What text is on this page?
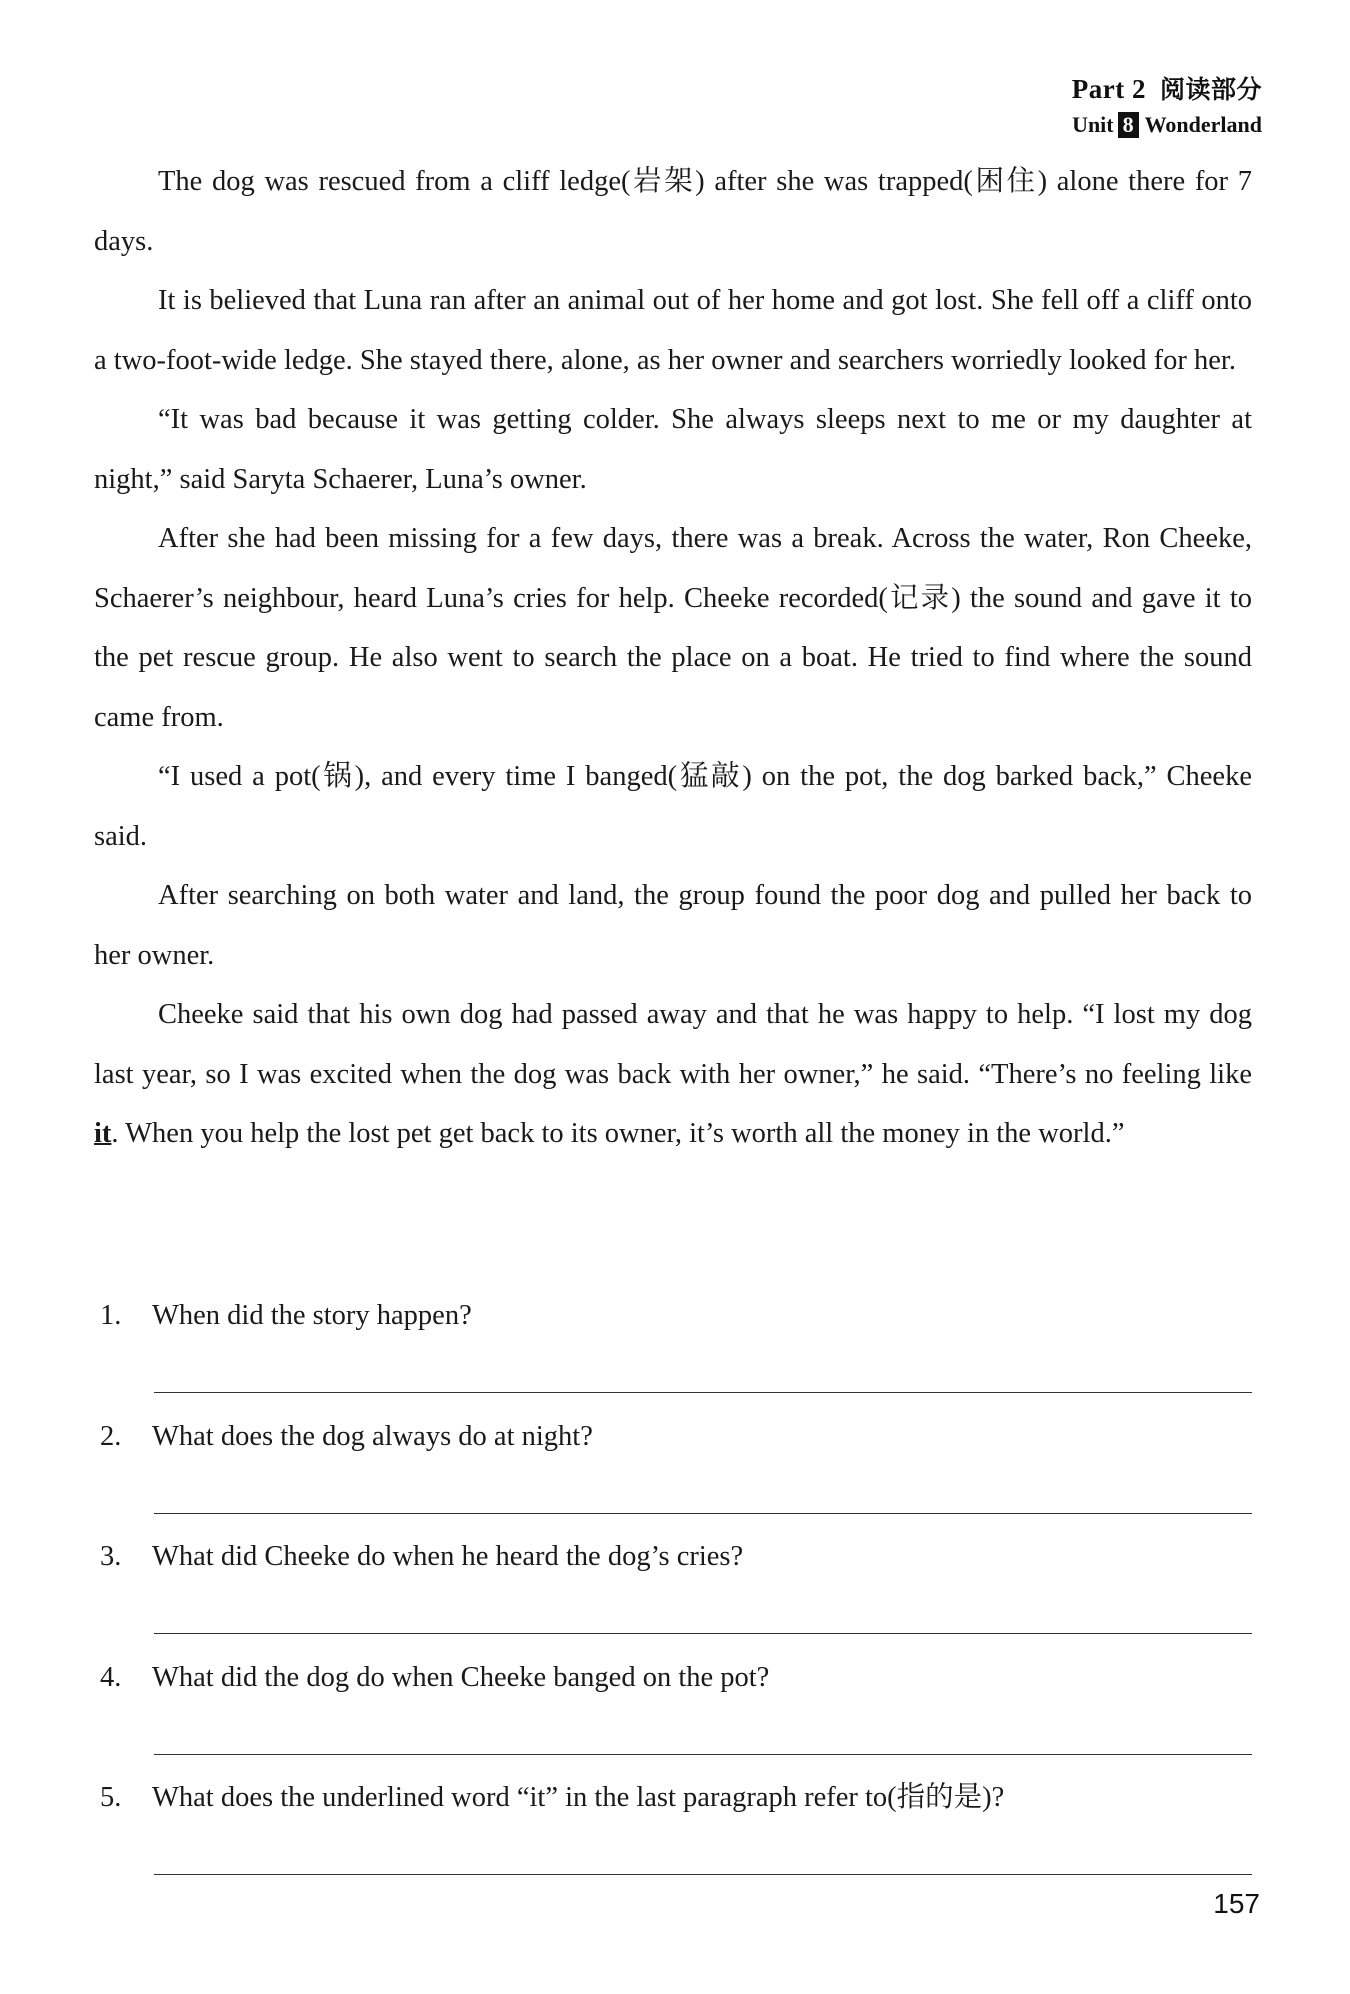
Part 2 阅读部分
Unit 8 Wonderland

The dog was rescued from a cliff ledge(岩架) after she was trapped(困住) alone there for 7 days.

It is believed that Luna ran after an animal out of her home and got lost. She fell off a cliff onto a two-foot-wide ledge. She stayed there, alone, as her owner and searchers worriedly looked for her.

“It was bad because it was getting colder. She always sleeps next to me or my daughter at night,” said Saryta Schaerer, Luna’s owner.

After she had been missing for a few days, there was a break. Across the water, Ron Cheeke, Schaerer’s neighbour, heard Luna’s cries for help. Cheeke recorded(记录) the sound and gave it to the pet rescue group. He also went to search the place on a boat. He tried to find where the sound came from.

“I used a pot(锅), and every time I banged(猛敲) on the pot, the dog barked back,” Cheeke said.

After searching on both water and land, the group found the poor dog and pulled her back to her owner.

Cheeke said that his own dog had passed away and that he was happy to help. “I lost my dog last year, so I was excited when the dog was back with her owner,” he said. “There’s no feeling like it. When you help the lost pet get back to its owner, it’s worth all the money in the world.”

1. When did the story happen?
2. What does the dog always do at night?
3. What did Cheeke do when he heard the dog’s cries?
4. What did the dog do when Cheeke banged on the pot?
5. What does the underlined word “it” in the last paragraph refer to(指的是)?
157
